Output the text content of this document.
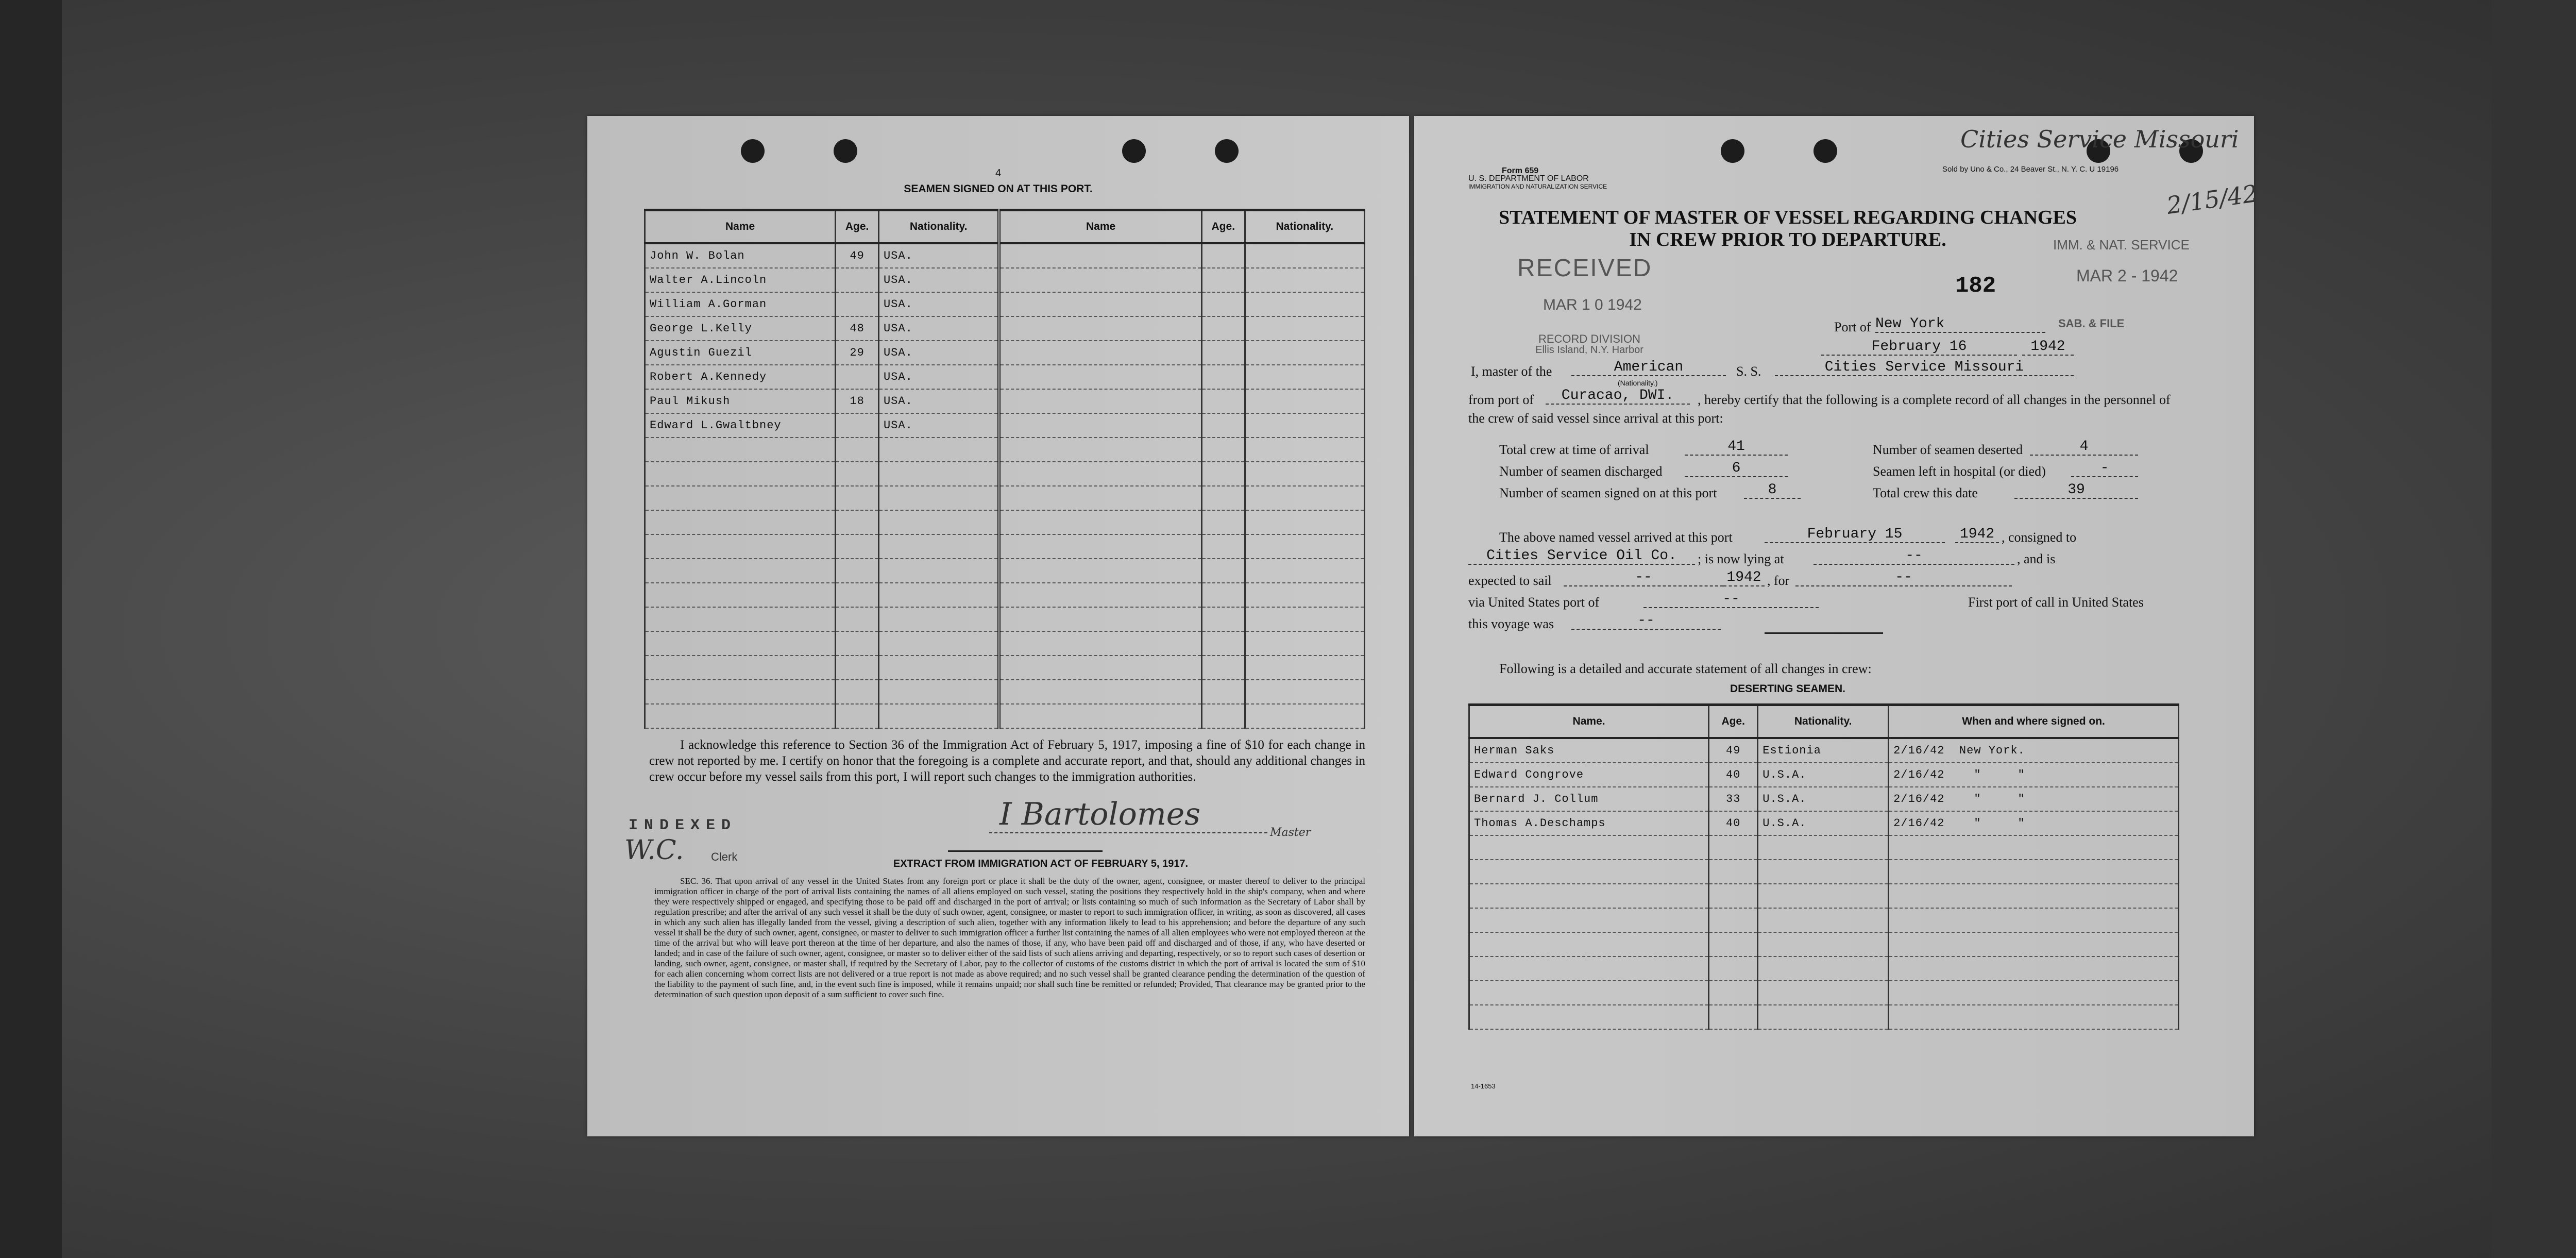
4
SEAMEN SIGNED ON AT THIS PORT.
Name	Age.	Nationality.	Name	Age.	Nationality.
John W. Bolan	49	USA.			
Walter A.Lincoln		USA.			
William A.Gorman		USA.			
George L.Kelly	48	USA.			
Agustin Guezil	29	USA.			
Robert A.Kennedy		USA.			
Paul Mikush	18	USA.			
Edward L.Gwaltbney		USA.			

I acknowledge this reference to Section 36 of the Immigration Act of February 5, 1917, imposing a fine of $10 for each change in crew not reported by me. I certify on honor that the foregoing is a complete and accurate report, and that, should any additional changes in crew occur before my vessel sails from this port, I will report such changes to the immigration authorities.
I Bartolomes
Master
INDEXED
W.C. Clerk
EXTRACT FROM IMMIGRATION ACT OF FEBRUARY 5, 1917.
SEC. 36. That upon arrival of any vessel in the United States from any foreign port or place it shall be the duty of the owner, agent, consignee, or master thereof to deliver to the principal immigration officer in charge of the port of arrival lists containing the names of all aliens employed on such vessel, stating the positions they respectively hold in the ship's company, when and where they were respectively shipped or engaged, and specifying those to be paid off and discharged in the port of arrival; or lists containing so much of such information as the Secretary of Labor shall by regulation prescribe; and after the arrival of any such vessel it shall be the duty of such owner, agent, consignee, or master to report to such immigration officer, in writing, as soon as discovered, all cases in which any such alien has illegally landed from the vessel, giving a description of such alien, together with any information likely to lead to his apprehension; and before the departure of any such vessel it shall be the duty of such owner, agent, consignee, or master to deliver to such immigration officer a further list containing the names of all alien employees who were not employed thereon at the time of the arrival but who will leave port thereon at the time of her departure, and also the names of those, if any, who have been paid off and discharged and of those, if any, who have deserted or landed; and in case of the failure of such owner, agent, consignee, or master so to deliver either of the said lists of such aliens arriving and departing, respectively, or so to report such cases of desertion or landing, such owner, agent, consignee, or master shall, if required by the Secretary of Labor, pay to the collector of customs of the customs district in which the port of arrival is located the sum of $10 for each alien concerning whom correct lists are not delivered or a true report is not made as above required; and no such vessel shall be granted clearance pending the determination of the question of the liability to the payment of such fine, and, in the event such fine is imposed, while it remains unpaid; nor shall such fine be remitted or refunded; Provided, That clearance may be granted prior to the determination of such question upon deposit of a sum sufficient to cover such fine.
Form 659
U. S. DEPARTMENT OF LABOR
IMMIGRATION AND NATURALIZATION SERVICE
Sold by Uno & Co., 24 Beaver St., N. Y. C. U 19196
Cities Service Missouri
2/15/42
STATEMENT OF MASTER OF VESSEL REGARDING CHANGES
IN CREW PRIOR TO DEPARTURE.
RECEIVED
MAR 1 0 1942
RECORD DIVISION
Ellis Island, N.Y. Harbor
182
IMM. & NAT. SERVICE
MAR 2 - 1942
Port of New York	SAB. & FILE
February 16	1942
I, master of the	American
(Nationality.)
S. S.	Cities Service Missouri
from port of	Curacao, DWI.	, hereby certify that the following is a complete record of all changes in the personnel of the crew of said vessel since arrival at this port:
Total crew at time of arrival	41	Number of seamen deserted	4
Number of seamen discharged	6	Seamen left in hospital (or died)	-
Number of seamen signed on at this port	8	Total crew this date	39
The above named vessel arrived at this port	February 15	1942 , consigned to
Cities Service Oil Co.	; is now lying at	--	, and is
expected to sail	--	1942 , for	--
via United States port of	--	First port of call in United States
this voyage was	--
Following is a detailed and accurate statement of all changes in crew:
DESERTING SEAMEN.
Name.	Age.	Nationality.	When and where signed on.
Herman Saks	49	Estionia	2/16/42  New York.
Edward Congrove	40	U.S.A.	2/16/42    "     "
Bernard J. Collum	33	U.S.A.	2/16/42    "     "
Thomas A.Deschamps	40	U.S.A.	2/16/42    "     "

14-1653
